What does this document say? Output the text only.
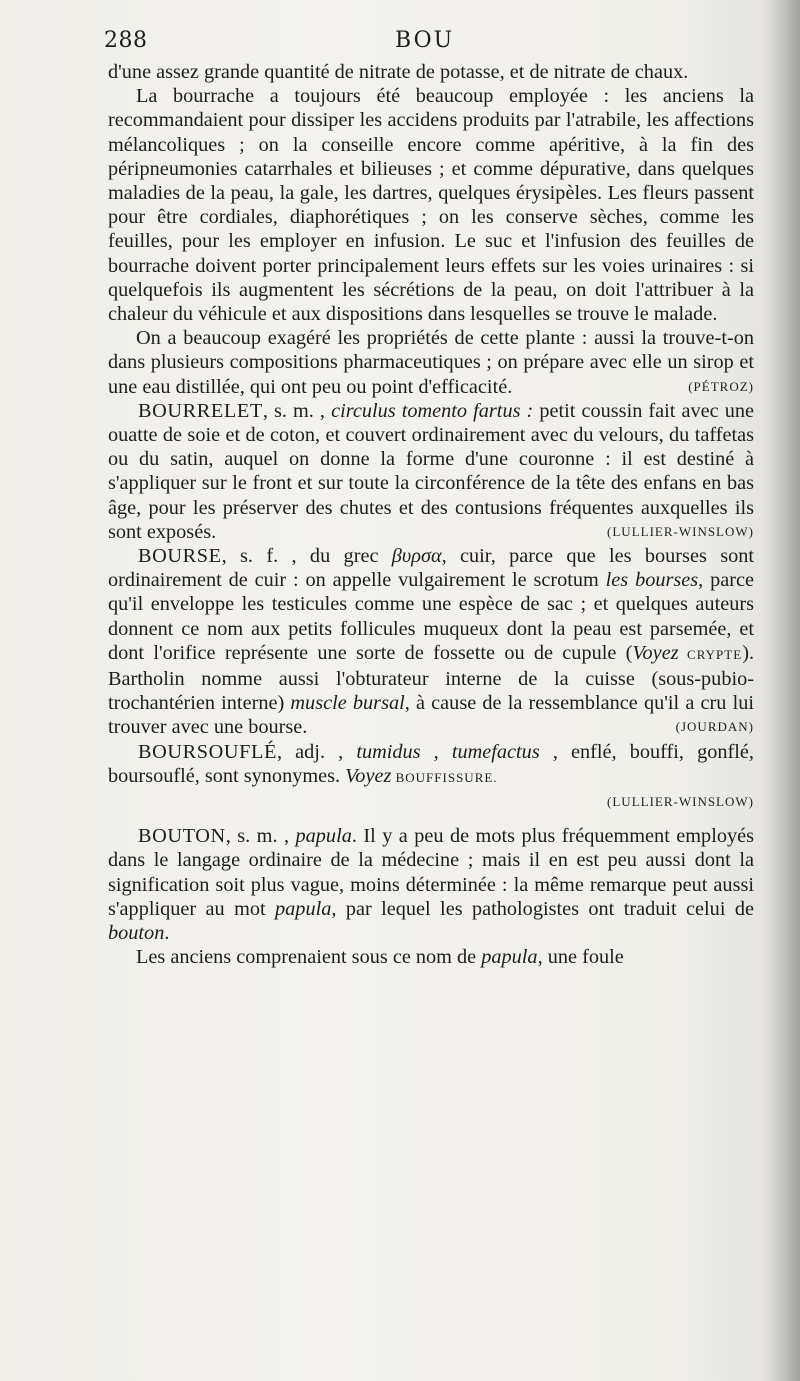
288	BOU

d'une assez grande quantité de nitrate de potasse, et de nitrate de chaux.

La bourrache a toujours été beaucoup employée : les anciens la recommandaient pour dissiper les accidens produits par l'atrabile, les affections mélancoliques ; on la conseille encore comme apéritive, à la fin des péripneumonies catarrhales et bilieuses ; et comme dépurative, dans quelques maladies de la peau, la gale, les dartres, quelques érysipèles. Les fleurs passent pour être cordiales, diaphorétiques ; on les conserve sèches, comme les feuilles, pour les employer en infusion. Le suc et l'infusion des feuilles de bourrache doivent porter principalement leurs effets sur les voies urinaires : si quelquefois ils augmentent les sécrétions de la peau, on doit l'attribuer à la chaleur du véhicule et aux dispositions dans lesquelles se trouve le malade.

On a beaucoup exagéré les propriétés de cette plante : aussi la trouve-t-on dans plusieurs compositions pharmaceutiques ; on prépare avec elle un sirop et une eau distillée, qui ont peu ou point d'efficacité.	(PÉTROZ)

BOURRELET, s. m. , circulus tomento fartus : petit coussin fait avec une ouatte de soie et de coton, et couvert ordinairement avec du velours, du taffetas ou du satin, auquel on donne la forme d'une couronne : il est destiné à s'appliquer sur le front et sur toute la circonférence de la tête des enfans en bas âge, pour les préserver des chutes et des contusions fréquentes auxquelles ils sont exposés.	(LULLIER-WINSLOW)

BOURSE, s. f. , du grec βυρσα, cuir, parce que les bourses sont ordinairement de cuir : on appelle vulgairement le scrotum les bourses, parce qu'il enveloppe les testicules comme une espèce de sac ; et quelques auteurs donnent ce nom aux petits follicules muqueux dont la peau est parsemée, et dont l'orifice représente une sorte de fossette ou de cupule (Voyez CRYPTE). Bartholin nomme aussi l'obturateur interne de la cuisse (sous-pubio-trochantérien interne) muscle bursal, à cause de la ressemblance qu'il a cru lui trouver avec une bourse.	(JOURDAN)

BOURSOUFLÉ, adj. , tumidus , tumefactus , enflé, bouffi, gonflé, boursouflé, sont synonymes. Voyez BOUFFISSURE.

(LULLIER-WINSLOW)

BOUTON, s. m. , papula. Il y a peu de mots plus fréquemment employés dans le langage ordinaire de la médecine ; mais il en est peu aussi dont la signification soit plus vague, moins déterminée : la même remarque peut aussi s'appliquer au mot papula, par lequel les pathologistes ont traduit celui de bouton.

Les anciens comprenaient sous ce nom de papula, une foule
